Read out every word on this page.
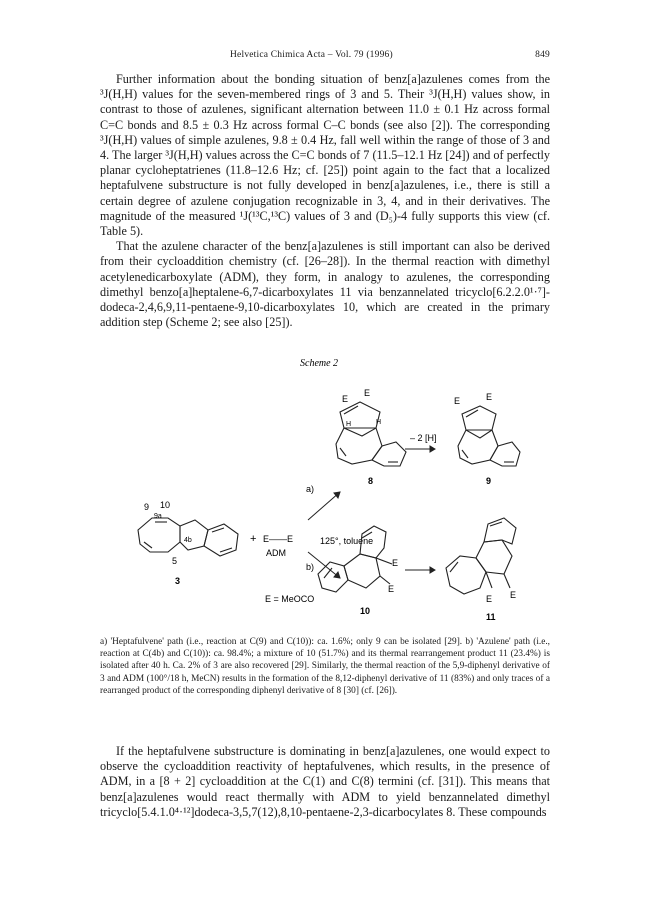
Helvetica Chimica Acta – Vol. 79 (1996)	849

Further information about the bonding situation of benz[a]azulenes comes from the ³J(H,H) values for the seven-membered rings of 3 and 5. Their ³J(H,H) values show, in contrast to those of azulenes, significant alternation between 11.0 ± 0.1 Hz across formal C=C bonds and 8.5 ± 0.3 Hz across formal C–C bonds (see also [2]). The corresponding ³J(H,H) values of simple azulenes, 9.8 ± 0.4 Hz, fall well within the range of those of 3 and 4. The larger ³J(H,H) values across the C=C bonds of 7 (11.5–12.1 Hz [24]) and of perfectly planar cycloheptatrienes (11.8–12.6 Hz; cf. [25]) point again to the fact that a localized heptafulvene substructure is not fully developed in benz[a]azulenes, i.e., there is still a certain degree of azulene conjugation recognizable in 3, 4, and in their derivatives. The magnitude of the measured ¹J(¹³C,¹³C) values of 3 and (D₅)-4 fully supports this view (cf. Table 5).

That the azulene character of the benz[a]azulenes is still important can also be derived from their cycloaddition chemistry (cf. [26–28]). In the thermal reaction with dimethyl acetylenedicarboxylate (ADM), they form, in analogy to azulenes, the corresponding dimethyl benzo[a]heptalene-6,7-dicarboxylates 11 via benzannelated tricyclo[6.2.2.0¹·⁷]-dodeca-2,4,6,9,11-pentaene-9,10-dicarboxylates 10, which are created in the primary addition step (Scheme 2; see also [25]).

Scheme 2
9 10
9a
4b
5
3
+ E——E
ADM
125°, toluene
E = MeOCO
a)
b)
– 2 [H]
E
E
H	H
8
E	E
9
E
E
10
E E
11
a) 'Heptafulvene' path (i.e., reaction at C(9) and C(10)): ca. 1.6%; only 9 can be isolated [29]. b) 'Azulene' path (i.e., reaction at C(4b) and C(10)): ca. 98.4%; a mixture of 10 (51.7%) and its thermal rearrangement product 11 (23.4%) is isolated after 40 h. Ca. 2% of 3 are also recovered [29]. Similarly, the thermal reaction of the 5,9-diphenyl derivative of 3 and ADM (100°/18 h, MeCN) results in the formation of the 8,12-diphenyl derivative of 11 (83%) and only traces of a rearranged product of the corresponding diphenyl derivative of 8 [30] (cf. [26]).

If the heptafulvene substructure is dominating in benz[a]azulenes, one would expect to observe the cycloaddition reactivity of heptafulvenes, which results, in the presence of ADM, in a [8 + 2] cycloaddition at the C(1) and C(8) termini (cf. [31]). This means that benz[a]azulenes would react thermally with ADM to yield benzannelated dimethyl tricyclo[5.4.1.0⁴·¹²]dodeca-3,5,7(12),8,10-pentaene-2,3-dicarbocylates 8. These compounds
